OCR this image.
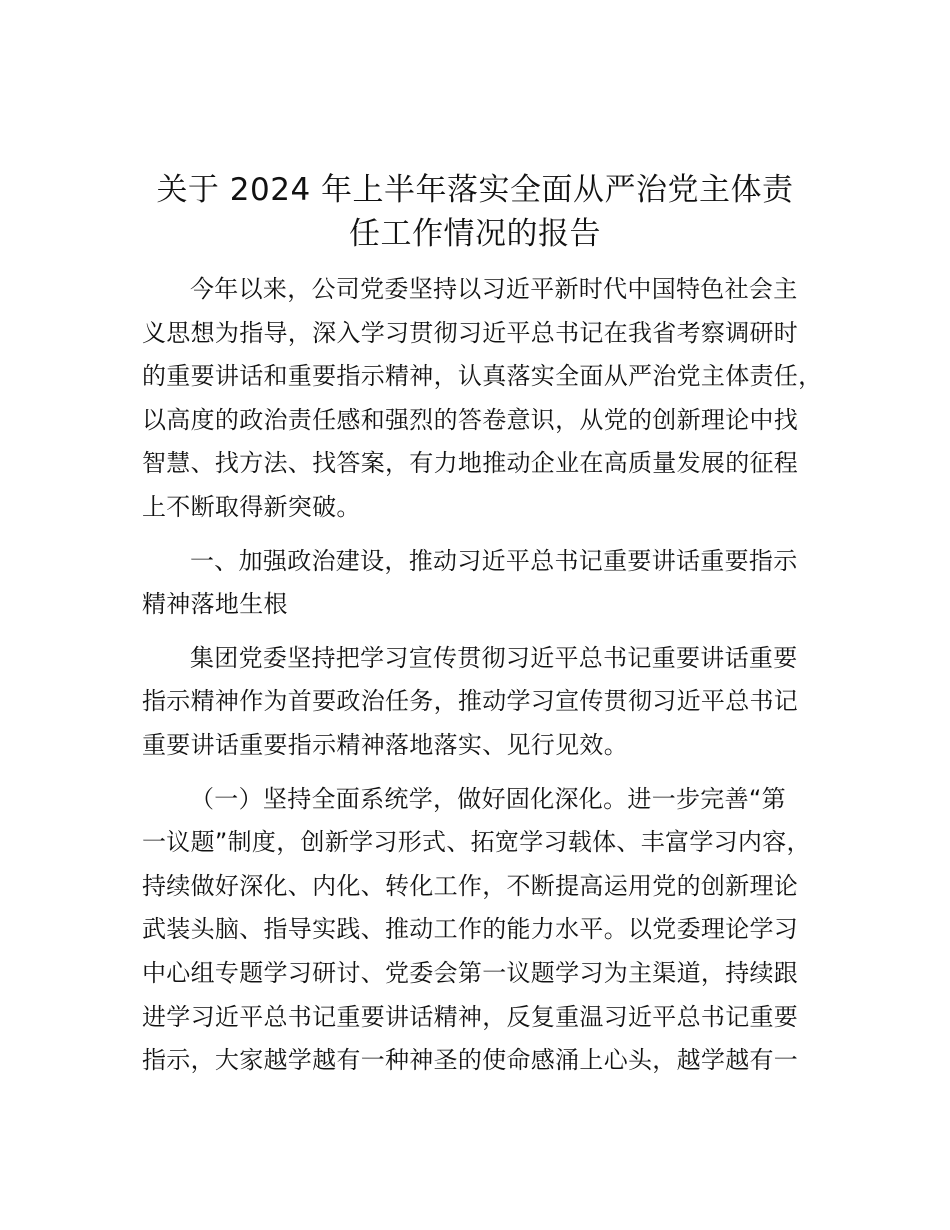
关于 2024 年上半年落实全面从严治党主体责
任工作情况的报告
今年以来，公司党委坚持以习近平新时代中国特色社会主
义思想为指导，深入学习贯彻习近平总书记在我省考察调研时
的重要讲话和重要指示精神，认真落实全面从严治党主体责任，
以高度的政治责任感和强烈的答卷意识，从党的创新理论中找
智慧、找方法、找答案，有力地推动企业在高质量发展的征程
上不断取得新突破。
一、加强政治建设，推动习近平总书记重要讲话重要指示
精神落地生根
集团党委坚持把学习宣传贯彻习近平总书记重要讲话重要
指示精神作为首要政治任务，推动学习宣传贯彻习近平总书记
重要讲话重要指示精神落地落实、见行见效。
（一）坚持全面系统学，做好固化深化。进一步完善“第
一议题”制度，创新学习形式、拓宽学习载体、丰富学习内容，
持续做好深化、内化、转化工作，不断提高运用党的创新理论
武装头脑、指导实践、推动工作的能力水平。以党委理论学习
中心组专题学习研讨、党委会第一议题学习为主渠道，持续跟
进学习近平总书记重要讲话精神，反复重温习近平总书记重要
指示，大家越学越有一种神圣的使命感涌上心头，越学越有一
